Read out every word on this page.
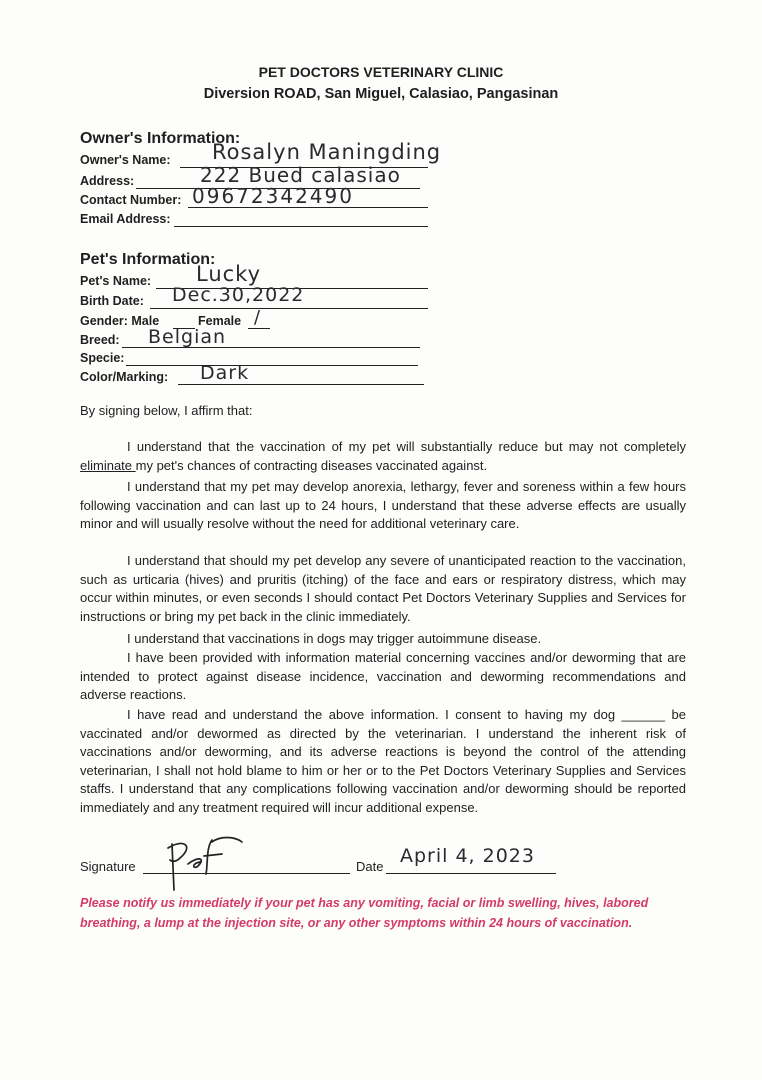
PET DOCTORS VETERINARY CLINIC
Diversion ROAD, San Miguel, Calasiao, Pangasinan
Owner's Information:
Owner's Name: Rosalyn Maningding
Address:	222 Bued calasiao
Contact Number: 09672342490
Email Address:
Pet's Information:
Pet's Name: Lucky
Birth Date: Dec.30,2022
Gender: Male	Female /
Breed: Belgian
Specie:
Color/Marking: Dark
By signing below, I affirm that:
I understand that the vaccination of my pet will substantially reduce but may not completely eliminate my pet's chances of contracting diseases vaccinated against.
I understand that my pet may develop anorexia, lethargy, fever and soreness within a few hours following vaccination and can last up to 24 hours, I understand that these adverse effects are usually minor and will usually resolve without the need for additional veterinary care.
I understand that should my pet develop any severe of unanticipated reaction to the vaccination, such as urticaria (hives) and pruritis (itching) of the face and ears or respiratory distress, which may occur within minutes, or even seconds I should contact Pet Doctors Veterinary Supplies and Services for instructions or bring my pet back in the clinic immediately.
I understand that vaccinations in dogs may trigger autoimmune disease.
I have been provided with information material concerning vaccines and/or deworming that are intended to protect against disease incidence, vaccination and deworming recommendations and adverse reactions.
I have read and understand the above information. I consent to having my dog ______ be vaccinated and/or dewormed as directed by the veterinarian. I understand the inherent risk of vaccinations and/or deworming, and its adverse reactions is beyond the control of the attending veterinarian, I shall not hold blame to him or her or to the Pet Doctors Veterinary Supplies and Services staffs. I understand that any complications following vaccination and/or deworming should be reported immediately and any treatment required will incur additional expense.
Signature	Date April 4, 2023
Please notify us immediately if your pet has any vomiting, facial or limb swelling, hives, labored breathing, a lump at the injection site, or any other symptoms within 24 hours of vaccination.
